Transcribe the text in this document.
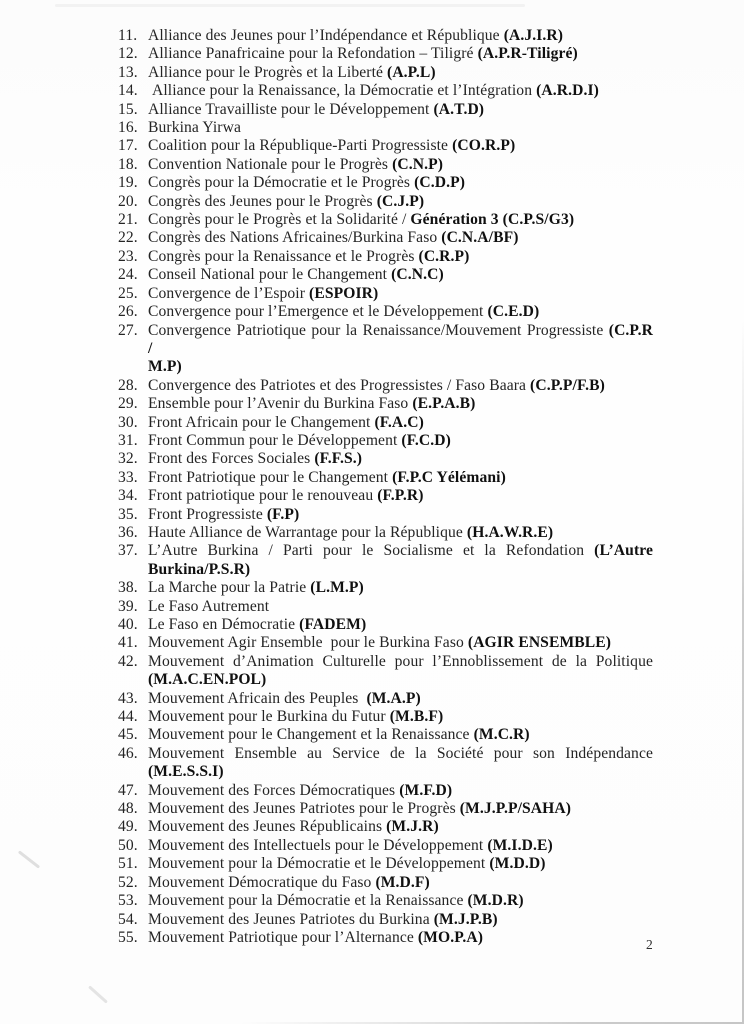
11. Alliance des Jeunes pour l’Indépendance et République (A.J.I.R)
12. Alliance Panafricaine pour la Refondation – Tiligré (A.P.R-Tiligré)
13. Alliance pour le Progrès et la Liberté (A.P.L)
14. Alliance pour la Renaissance, la Démocratie et l’Intégration (A.R.D.I)
15. Alliance Travailliste pour le Développement (A.T.D)
16. Burkina Yirwa
17. Coalition pour la République-Parti Progressiste (CO.R.P)
18. Convention Nationale pour le Progrès (C.N.P)
19. Congrès pour la Démocratie et le Progrès (C.D.P)
20. Congrès des Jeunes pour le Progrès (C.J.P)
21. Congrès pour le Progrès et la Solidarité / Génération 3 (C.P.S/G3)
22. Congrès des Nations Africaines/Burkina Faso (C.N.A/BF)
23. Congrès pour la Renaissance et le Progrès (C.R.P)
24. Conseil National pour le Changement (C.N.C)
25. Convergence de l’Espoir (ESPOIR)
26. Convergence pour l’Emergence et le Développement (C.E.D)
27. Convergence Patriotique pour la Renaissance/Mouvement Progressiste (C.P.R /
M.P)
28. Convergence des Patriotes et des Progressistes / Faso Baara (C.P.P/F.B)
29. Ensemble pour l’Avenir du Burkina Faso (E.P.A.B)
30. Front Africain pour le Changement (F.A.C)
31. Front Commun pour le Développement (F.C.D)
32. Front des Forces Sociales (F.F.S.)
33. Front Patriotique pour le Changement (F.P.C Yélémani)
34. Front patriotique pour le renouveau (F.P.R)
35. Front Progressiste (F.P)
36. Haute Alliance de Warrantage pour la République (H.A.W.R.E)
37. L’Autre Burkina / Parti pour le Socialisme et la Refondation (L’Autre
Burkina/P.S.R)
38. La Marche pour la Patrie (L.M.P)
39. Le Faso Autrement
40. Le Faso en Démocratie (FADEM)
41. Mouvement Agir Ensemble  pour le Burkina Faso (AGIR ENSEMBLE)
42. Mouvement d’Animation Culturelle pour l’Ennoblissement de la Politique
(M.A.C.EN.POL)
43. Mouvement Africain des Peuples  (M.A.P)
44. Mouvement pour le Burkina du Futur (M.B.F)
45. Mouvement pour le Changement et la Renaissance (M.C.R)
46. Mouvement Ensemble au Service de la Société pour son Indépendance
(M.E.S.S.I)
47. Mouvement des Forces Démocratiques (M.F.D)
48. Mouvement des Jeunes Patriotes pour le Progrès (M.J.P.P/SAHA)
49. Mouvement des Jeunes Républicains (M.J.R)
50. Mouvement des Intellectuels pour le Développement (M.I.D.E)
51. Mouvement pour la Démocratie et le Développement (M.D.D)
52. Mouvement Démocratique du Faso (M.D.F)
53. Mouvement pour la Démocratie et la Renaissance (M.D.R)
54. Mouvement des Jeunes Patriotes du Burkina (M.J.P.B)
55. Mouvement Patriotique pour l’Alternance (MO.P.A)	2
